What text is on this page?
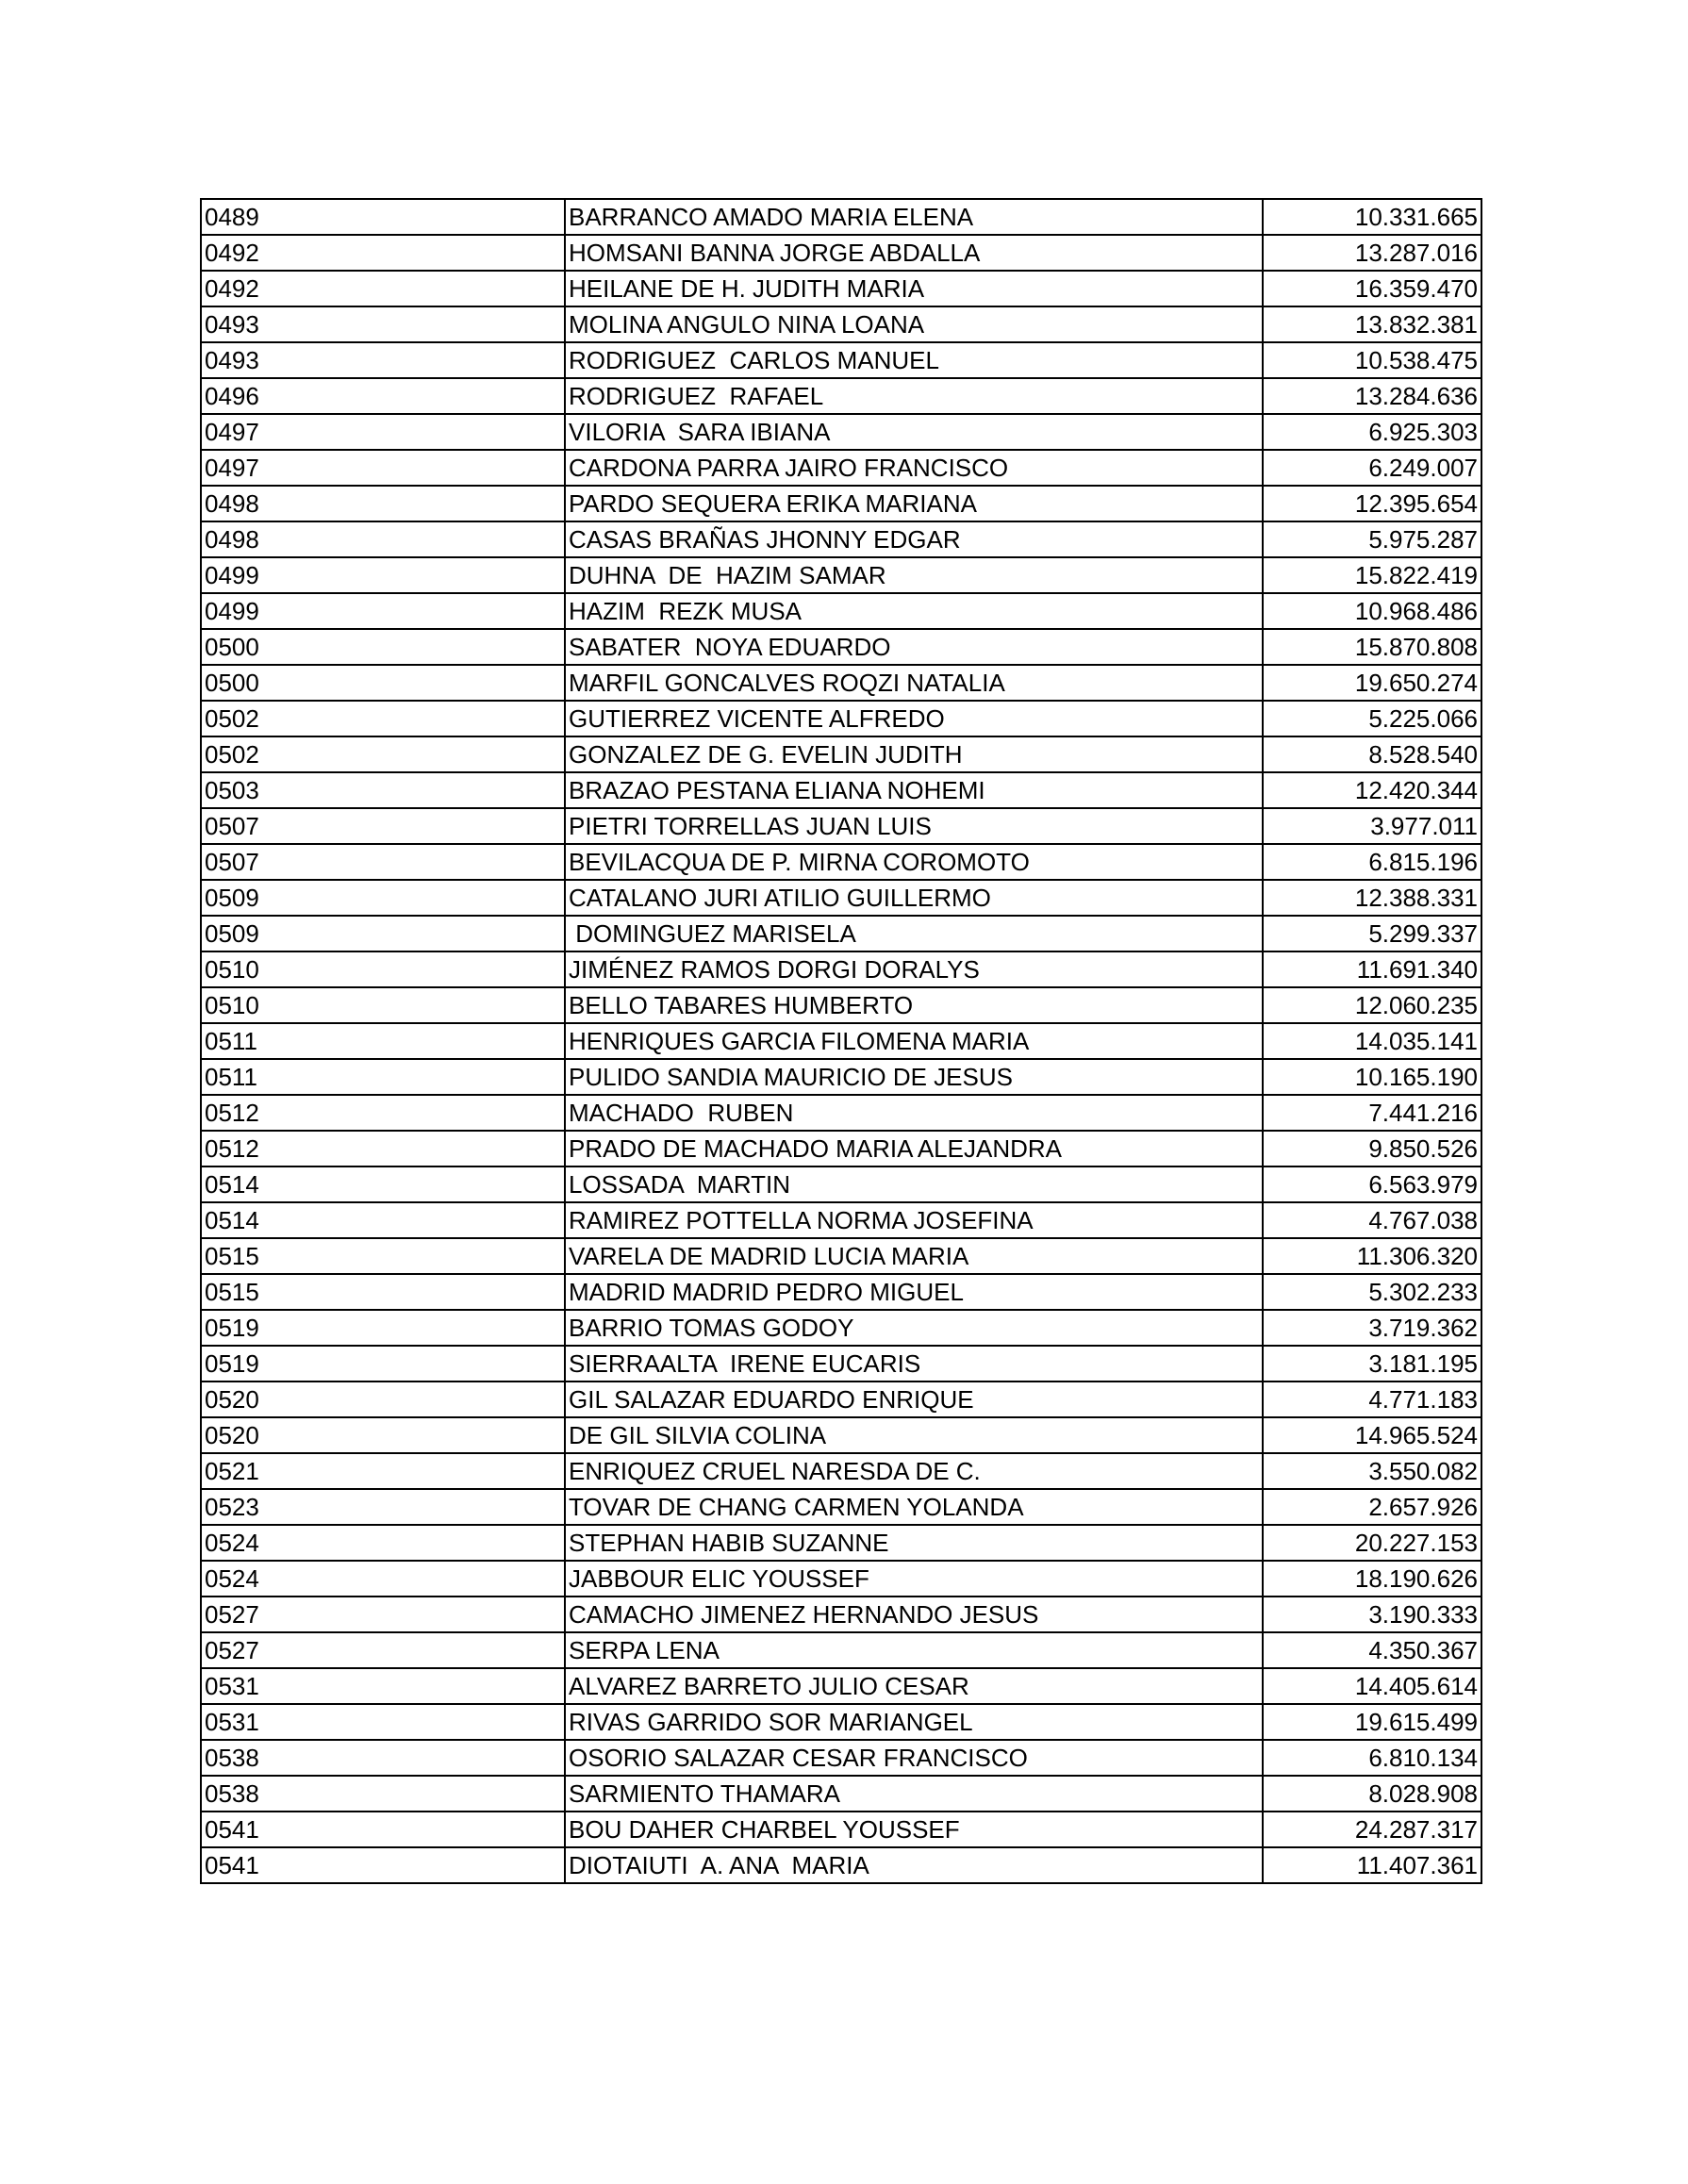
0489	BARRANCO AMADO MARIA ELENA	10.331.665
0492	HOMSANI BANNA JORGE ABDALLA	13.287.016
0492	HEILANE DE H. JUDITH MARIA	16.359.470
0493	MOLINA ANGULO NINA LOANA	13.832.381
0493	RODRIGUEZ  CARLOS MANUEL	10.538.475
0496	RODRIGUEZ  RAFAEL	13.284.636
0497	VILORIA  SARA IBIANA	6.925.303
0497	CARDONA PARRA JAIRO FRANCISCO	6.249.007
0498	PARDO SEQUERA ERIKA MARIANA	12.395.654
0498	CASAS BRAÑAS JHONNY EDGAR	5.975.287
0499	DUHNA  DE  HAZIM SAMAR	15.822.419
0499	HAZIM  REZK MUSA	10.968.486
0500	SABATER  NOYA EDUARDO	15.870.808
0500	MARFIL GONCALVES ROQZI NATALIA	19.650.274
0502	GUTIERREZ VICENTE ALFREDO	5.225.066
0502	GONZALEZ DE G. EVELIN JUDITH	8.528.540
0503	BRAZAO PESTANA ELIANA NOHEMI	12.420.344
0507	PIETRI TORRELLAS JUAN LUIS	3.977.011
0507	BEVILACQUA DE P. MIRNA COROMOTO	6.815.196
0509	CATALANO JURI ATILIO GUILLERMO	12.388.331
0509	DOMINGUEZ MARISELA	5.299.337
0510	JIMÉNEZ RAMOS DORGI DORALYS	11.691.340
0510	BELLO TABARES HUMBERTO	12.060.235
0511	HENRIQUES GARCIA FILOMENA MARIA	14.035.141
0511	PULIDO SANDIA MAURICIO DE JESUS	10.165.190
0512	MACHADO  RUBEN	7.441.216
0512	PRADO DE MACHADO MARIA ALEJANDRA	9.850.526
0514	LOSSADA  MARTIN	6.563.979
0514	RAMIREZ POTTELLA NORMA JOSEFINA	4.767.038
0515	VARELA DE MADRID LUCIA MARIA	11.306.320
0515	MADRID MADRID PEDRO MIGUEL	5.302.233
0519	BARRIO TOMAS GODOY	3.719.362
0519	SIERRAALTA  IRENE EUCARIS	3.181.195
0520	GIL SALAZAR EDUARDO ENRIQUE	4.771.183
0520	DE GIL SILVIA COLINA	14.965.524
0521	ENRIQUEZ CRUEL NARESDA DE C.	3.550.082
0523	TOVAR DE CHANG CARMEN YOLANDA	2.657.926
0524	STEPHAN HABIB SUZANNE	20.227.153
0524	JABBOUR ELIC YOUSSEF	18.190.626
0527	CAMACHO JIMENEZ HERNANDO JESUS	3.190.333
0527	SERPA LENA	4.350.367
0531	ALVAREZ BARRETO JULIO CESAR	14.405.614
0531	RIVAS GARRIDO SOR MARIANGEL	19.615.499
0538	OSORIO SALAZAR CESAR FRANCISCO	6.810.134
0538	SARMIENTO THAMARA	8.028.908
0541	BOU DAHER CHARBEL YOUSSEF	24.287.317
0541	DIOTAIUTI  A. ANA  MARIA	11.407.361
